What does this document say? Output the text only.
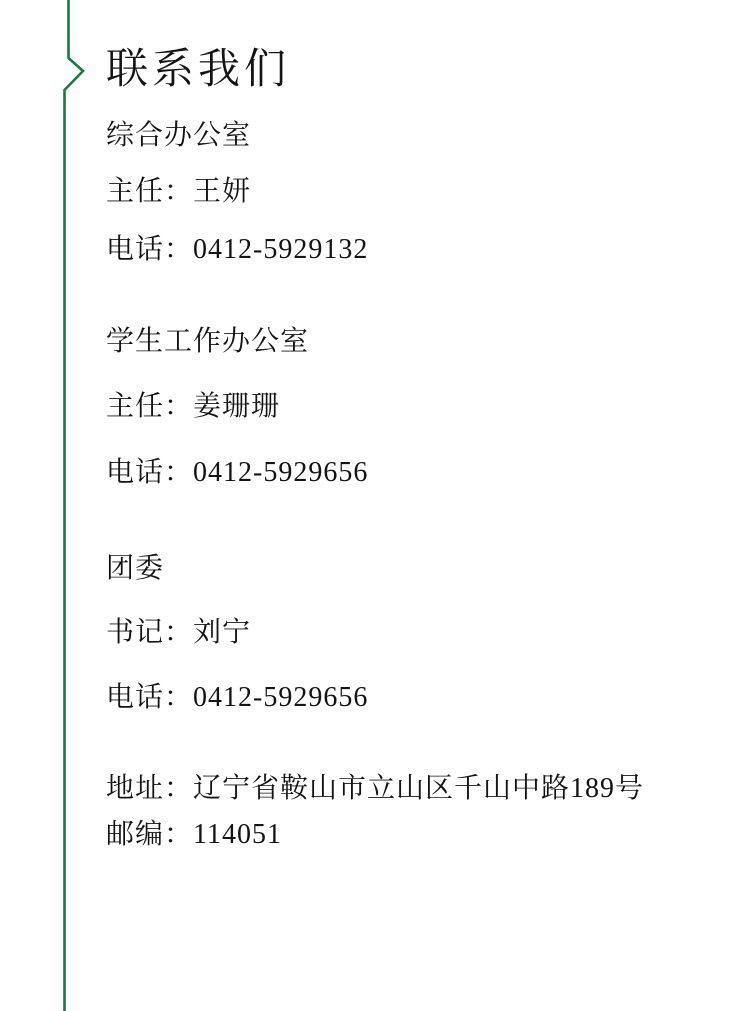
联系我们

综合办公室

主任：王妍

电话：0412-5929132

学生工作办公室

主任：姜珊珊

电话：0412-5929656

团委

书记：刘宁

电话：0412-5929656

地址：辽宁省鞍山市立山区千山中路189号

邮编：114051
